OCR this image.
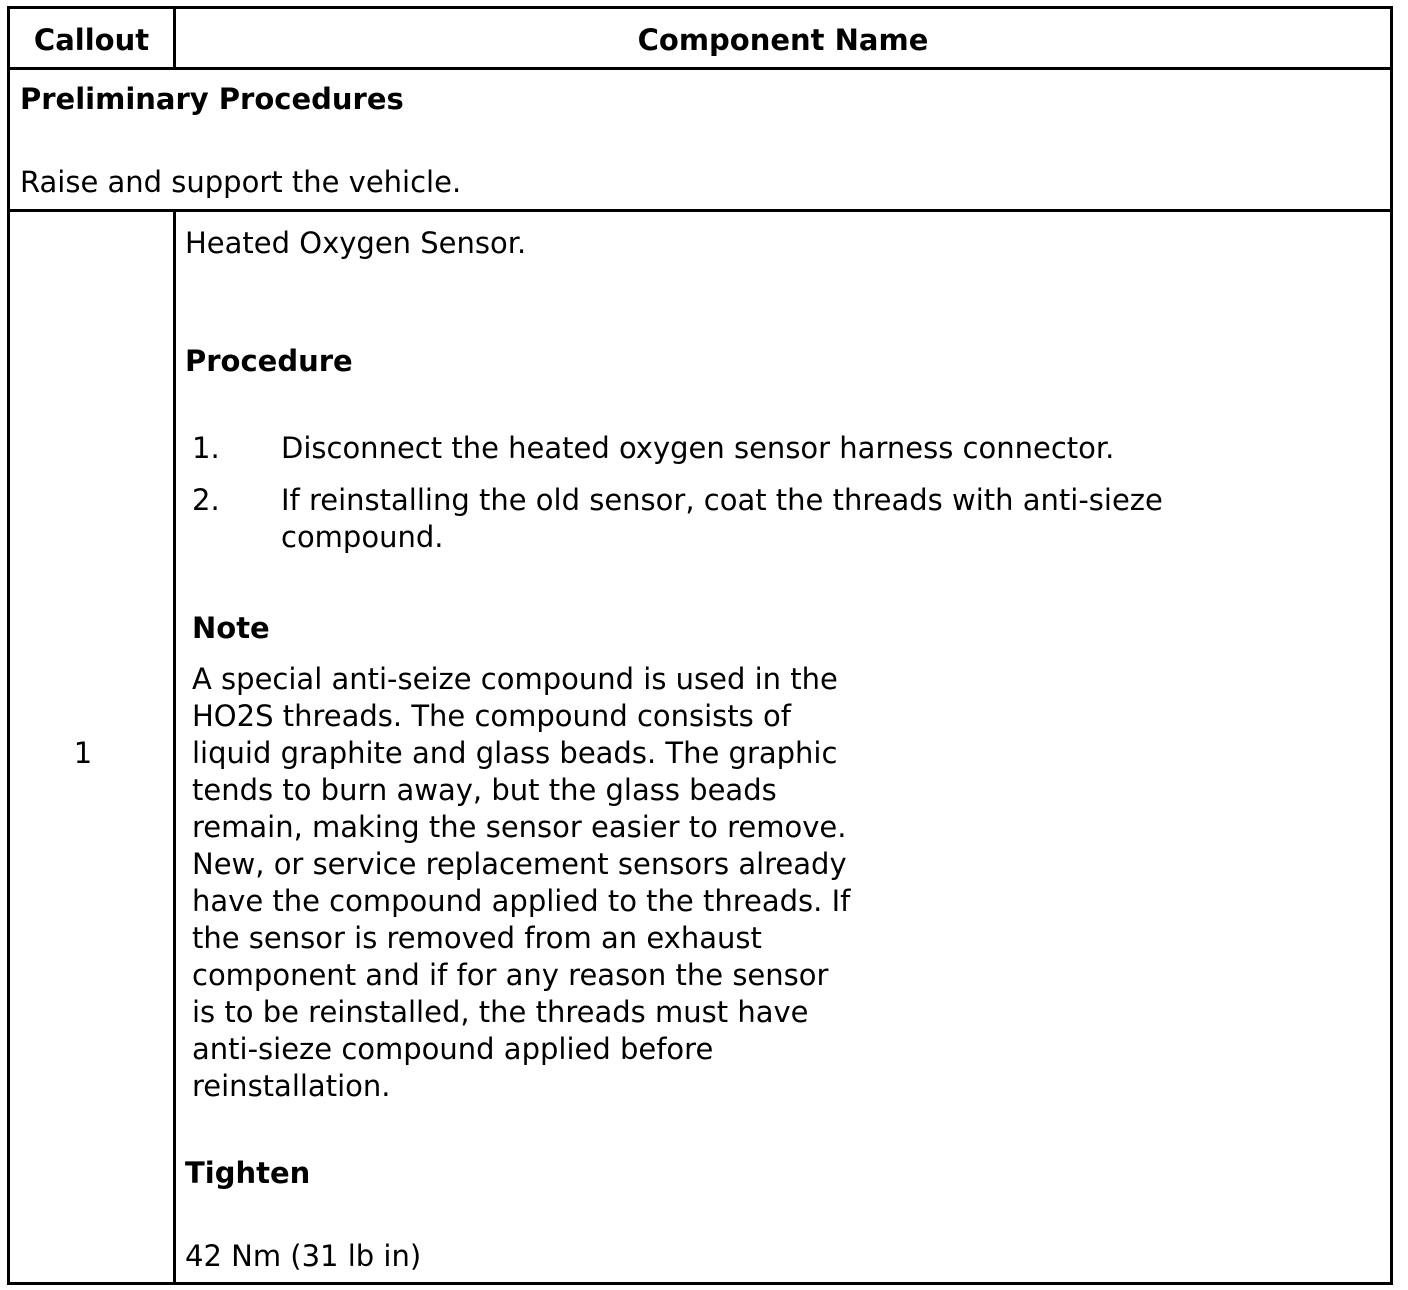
Callout	Component Name
Preliminary Procedures
Raise and support the vehicle.
1
Heated Oxygen Sensor.
Procedure
1. Disconnect the heated oxygen sensor harness connector.
2. If reinstalling the old sensor, coat the threads with anti-sieze
compound.
Note
A special anti-seize compound is used in the
HO2S threads. The compound consists of
liquid graphite and glass beads. The graphic
tends to burn away, but the glass beads
remain, making the sensor easier to remove.
New, or service replacement sensors already
have the compound applied to the threads. If
the sensor is removed from an exhaust
component and if for any reason the sensor
is to be reinstalled, the threads must have
anti-sieze compound applied before
reinstallation.
Tighten
42 Nm (31 lb in)
